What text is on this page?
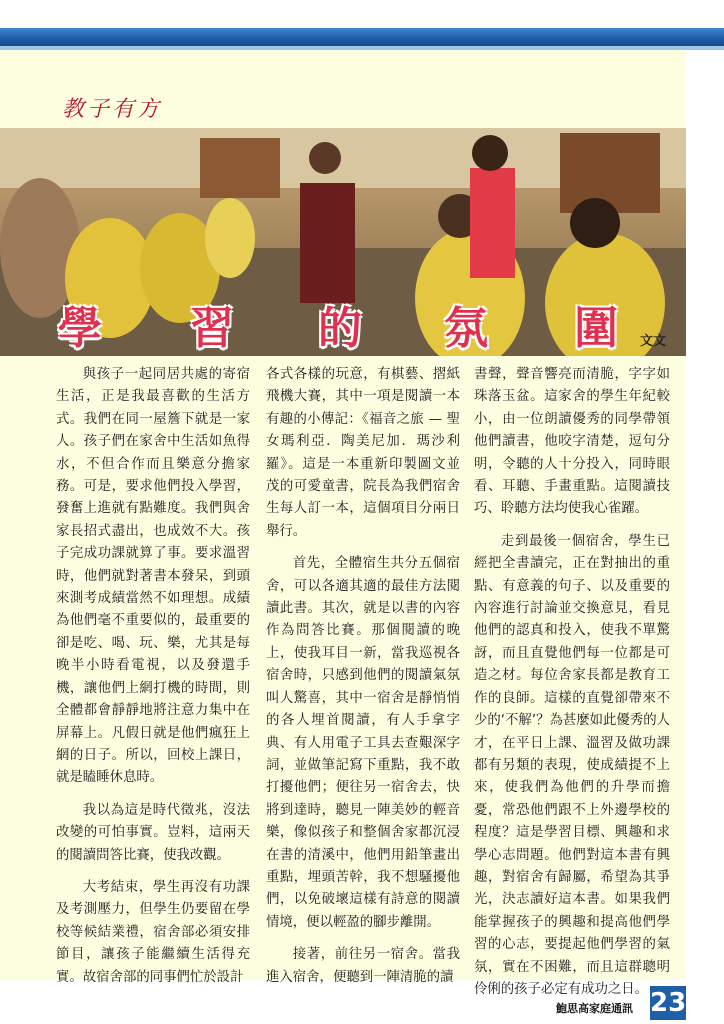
教子有方
學 習 的 氛 圍 文文

與孩子一起同居共處的寄宿生活，正是我最喜歡的生活方式。我們在同一屋簷下就是一家人。孩子們在家舍中生活如魚得水，不但合作而且樂意分擔家務。可是，要求他們投入學習，發奮上進就有點難度。我們與舍家長招式盡出，也成效不大。孩子完成功課就算了事。要求溫習時，他們就對著書本發呆，到頭來測考成績當然不如理想。成績為他們毫不重要似的，最重要的卻是吃、喝、玩、樂，尤其是每晚半小時看電視，以及發還手機，讓他們上網打機的時間，則全體都會靜靜地將注意力集中在屏幕上。凡假日就是他們瘋狂上網的日子。所以，回校上課日，就是瞌睡休息時。

我以為這是時代徵兆，沒法改變的可怕事實。豈料，這兩天的閱讀問答比賽，使我改觀。

大考結束，學生再沒有功課及考測壓力，但學生仍要留在學校等候結業禮，宿舍部必須安排節目，讓孩子能繼續生活得充實。故宿舍部的同事們忙於設計

各式各樣的玩意，有棋藝、摺紙飛機大賽，其中一項是閱讀一本有趣的小傳記：《福音之旅 — 聖女瑪利亞．陶美尼加．瑪沙利羅》。這是一本重新印製圖文並茂的可愛童書，院長為我們宿舍生每人訂一本，這個項目分兩日舉行。

首先，全體宿生共分五個宿舍，可以各適其適的最佳方法閱讀此書。其次，就是以書的內容作為問答比賽。那個閱讀的晚上，使我耳目一新，當我巡視各宿舍時，只感到他們的閱讀氣氛叫人驚喜，其中一宿舍是靜悄悄的各人埋首閱讀，有人手拿字典、有人用電子工具去查艱深字詞，並做筆記寫下重點，我不敢打擾他們；便往另一宿舍去，快將到達時，聽見一陣美妙的輕音樂，像似孩子和整個舍家都沉浸在書的清溪中，他們用鉛筆畫出重點，埋頭苦幹，我不想騷擾他們，以免破壞這樣有詩意的閱讀情境，便以輕盈的腳步離開。

接著，前往另一宿舍。當我進入宿舍，便聽到一陣清脆的讀

書聲，聲音響亮而清脆，字字如珠落玉盆。這家舍的學生年紀較小，由一位朗讀優秀的同學帶領他們讀書，他咬字清楚，逗句分明，令聽的人十分投入，同時眼看、耳聽、手畫重點。這閱讀技巧、聆聽方法均使我心雀躍。

走到最後一個宿舍，學生已經把全書讀完，正在對抽出的重點、有意義的句子、以及重要的內容進行討論並交換意見，看見他們的認真和投入，使我不單驚訝，而且直覺他們每一位都是可造之材。每位舍家長都是教育工作的良師。這樣的直覺卻帶來不少的‘不解’？為甚麼如此優秀的人才，在平日上課、溫習及做功課都有另類的表現，使成績提不上來，使我們為他們的升學而擔憂，常恐他們跟不上外邊學校的程度？這是學習目標、興趣和求學心志問題。他們對這本書有興趣，對宿舍有歸屬，希望為其爭光，決志讀好這本書。如果我們能掌握孩子的興趣和提高他們學習的心志，要提起他們學習的氣氛，實在不困難，而且這群聰明伶俐的孩子必定有成功之日。

鮑思高家庭通訊 23
